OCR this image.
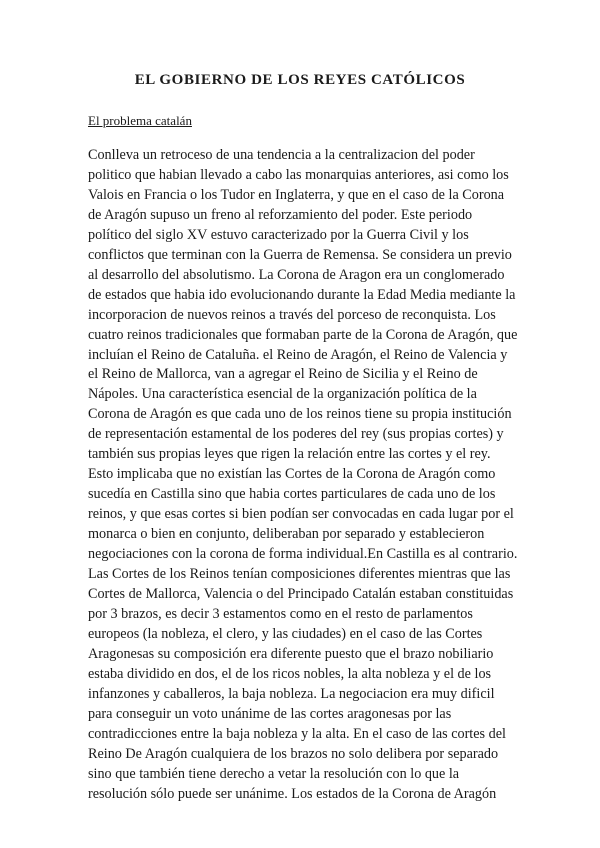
EL GOBIERNO DE LOS REYES CATÓLICOS
El problema catalán
Conlleva un retroceso de una tendencia a la centralizacion del poder
politico que habian llevado a cabo las monarquias anteriores, asi como los
Valois en Francia o los Tudor en Inglaterra, y que en el caso de la Corona
de Aragón supuso un freno al reforzamiento del poder. Este periodo
político del siglo XV estuvo caracterizado por la Guerra Civil y los
conflictos que terminan con la Guerra de Remensa. Se considera un previo
al desarrollo del absolutismo. La Corona de Aragon era un conglomerado
de estados que habia ido evolucionando durante la Edad Media mediante la
incorporacion de nuevos reinos a través del porceso de reconquista. Los
cuatro reinos tradicionales que formaban parte de la Corona de Aragón, que
incluían el Reino de Cataluña. el Reino de Aragón, el Reino de Valencia y
el Reino de Mallorca, van a agregar el Reino de Sicilia y el Reino de
Nápoles. Una característica esencial de la organización política de la
Corona de Aragón es que cada uno de los reinos tiene su propia institución
de representación estamental de los poderes del rey (sus propias cortes) y
también sus propias leyes que rigen la relación entre las cortes y el rey.
Esto implicaba que no existían las Cortes de la Corona de Aragón como
sucedía en Castilla sino que habia cortes particulares de cada uno de los
reinos, y que esas cortes si bien podían ser convocadas en cada lugar por el
monarca o bien en conjunto, deliberaban por separado y establecieron
negociaciones con la corona de forma individual.En Castilla es al contrario.
Las Cortes de los Reinos tenían composiciones diferentes mientras que las
Cortes de Mallorca, Valencia o del Principado Catalán estaban constituidas
por 3 brazos, es decir 3 estamentos como en el resto de parlamentos
europeos (la nobleza, el clero, y las ciudades) en el caso de las Cortes
Aragonesas su composición era diferente puesto que el brazo nobiliario
estaba dividido en dos, el de los ricos nobles, la alta nobleza y el de los
infanzones y caballeros, la baja nobleza. La negociacion era muy dificil
para conseguir un voto unánime de las cortes aragonesas por las
contradicciones entre la baja nobleza y la alta. En el caso de las cortes del
Reino De Aragón cualquiera de los brazos no solo delibera por separado
sino que también tiene derecho a vetar la resolución con lo que la
resolución sólo puede ser unánime. Los estados de la Corona de Aragón
